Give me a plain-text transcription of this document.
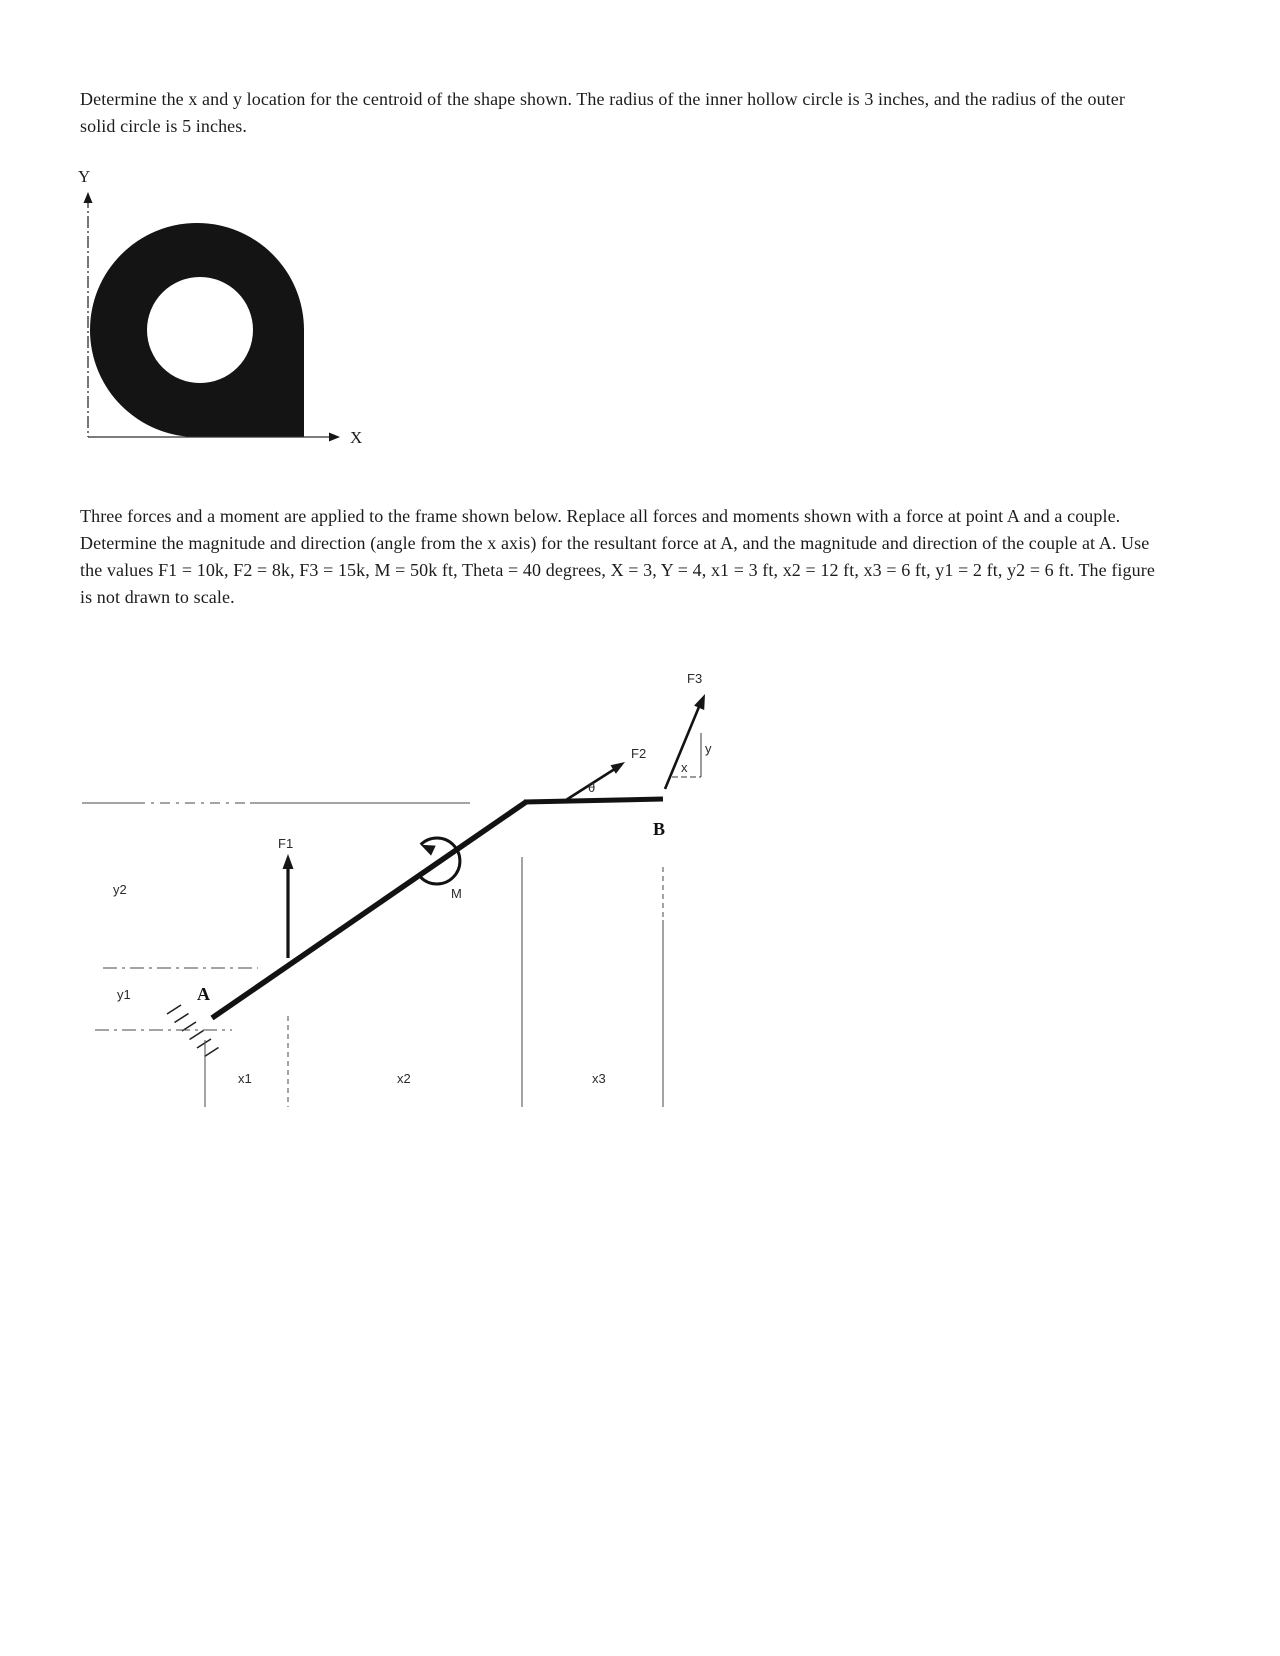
Determine the x and y location for the centroid of the shape shown. The radius of the inner hollow circle is 3 inches, and the radius of the outer solid circle is 5 inches.

Y
X

Three forces and a moment are applied to the frame shown below. Replace all forces and moments shown with a force at point A and a couple. Determine the magnitude and direction (angle from the x axis) for the resultant force at A, and the magnitude and direction of the couple at A. Use the values F1 = 10k, F2 = 8k, F3 = 15k, M = 50k ft, Theta = 40 degrees, X = 3, Y = 4, x1 = 3 ft, x2 = 12 ft, x3 = 6 ft, y1 = 2 ft, y2 = 6 ft. The figure is not drawn to scale.

F1
F2
θ
F3
y
x
M
B
A
y2
y1
x1	x2	x3
